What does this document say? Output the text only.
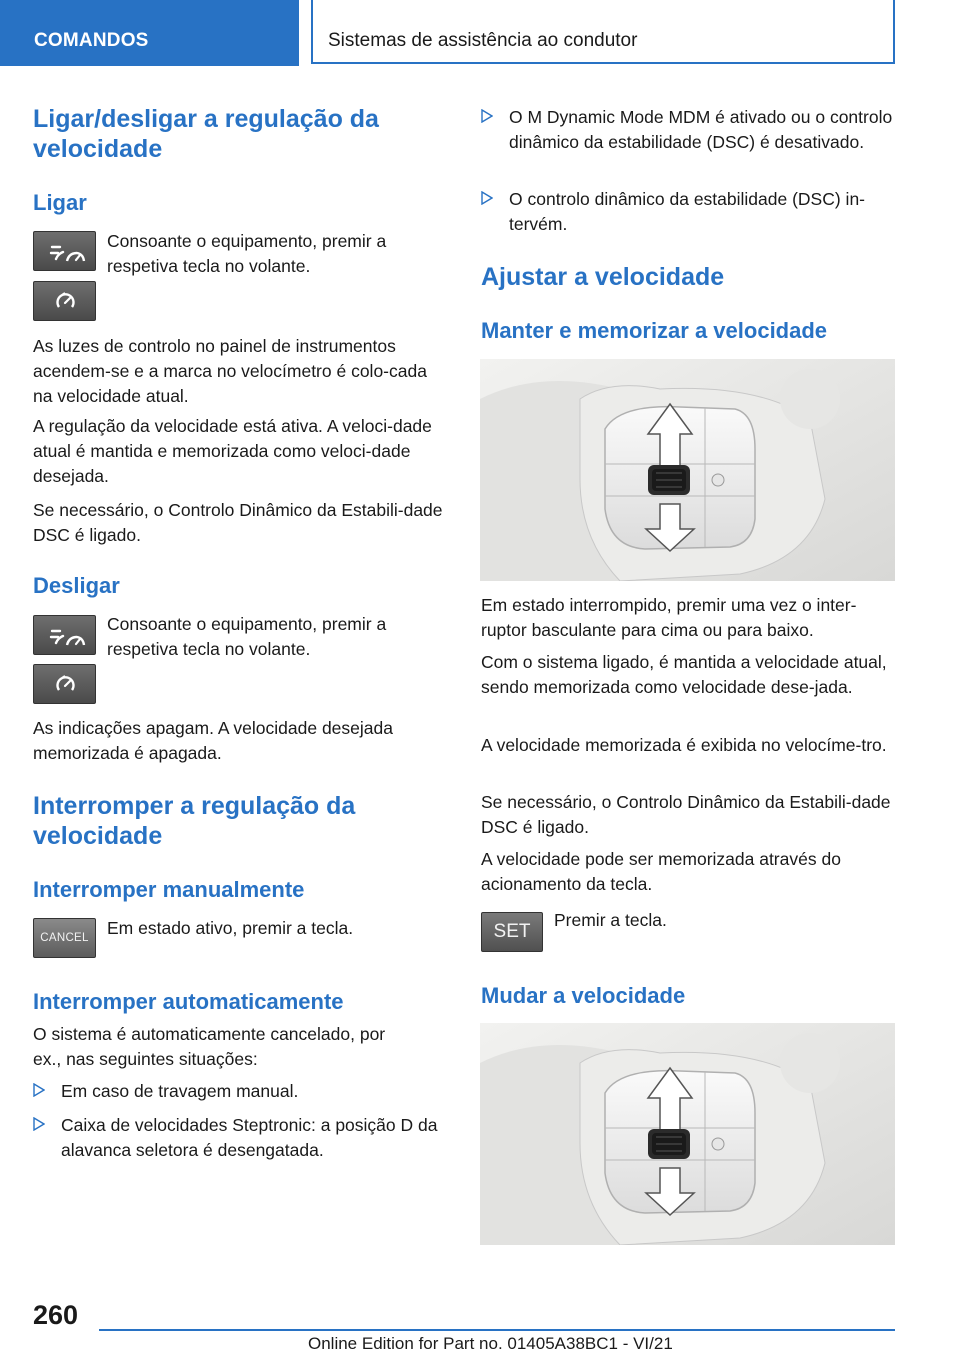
COMANDOS	Sistemas de assistência ao condutor
Ligar/desligar a regulação da velocidade
Ligar
Consoante o equipamento, premir a respetiva tecla no volante.
As luzes de controlo no painel de instrumentos acendem-se e a marca no velocímetro é colo-cada na velocidade atual.
A regulação da velocidade está ativa. A veloci-dade atual é mantida e memorizada como veloci-dade desejada.
Se necessário, o Controlo Dinâmico da Estabili-dade DSC é ligado.
Desligar
Consoante o equipamento, premir a respetiva tecla no volante.
As indicações apagam. A velocidade desejada memorizada é apagada.
Interromper a regulação da velocidade
Interromper manualmente
CANCEL	Em estado ativo, premir a tecla.
Interromper automaticamente
O sistema é automaticamente cancelado, por ex., nas seguintes situações:
Em caso de travagem manual.
Caixa de velocidades Steptronic: a posição D da alavanca seletora é desengatada.
O M Dynamic Mode MDM é ativado ou o controlo dinâmico da estabilidade (DSC) é desativado.
O controlo dinâmico da estabilidade (DSC) in-tervém.
Ajustar a velocidade
Manter e memorizar a velocidade
Em estado interrompido, premir uma vez o inter-ruptor basculante para cima ou para baixo.
Com o sistema ligado, é mantida a velocidade atual, sendo memorizada como velocidade dese-jada.
A velocidade memorizada é exibida no velocíme-tro.
Se necessário, o Controlo Dinâmico da Estabili-dade DSC é ligado.
A velocidade pode ser memorizada através do acionamento da tecla.
SET
Premir a tecla.
Mudar a velocidade
260
Online Edition for Part no. 01405A38BC1 - VI/21
